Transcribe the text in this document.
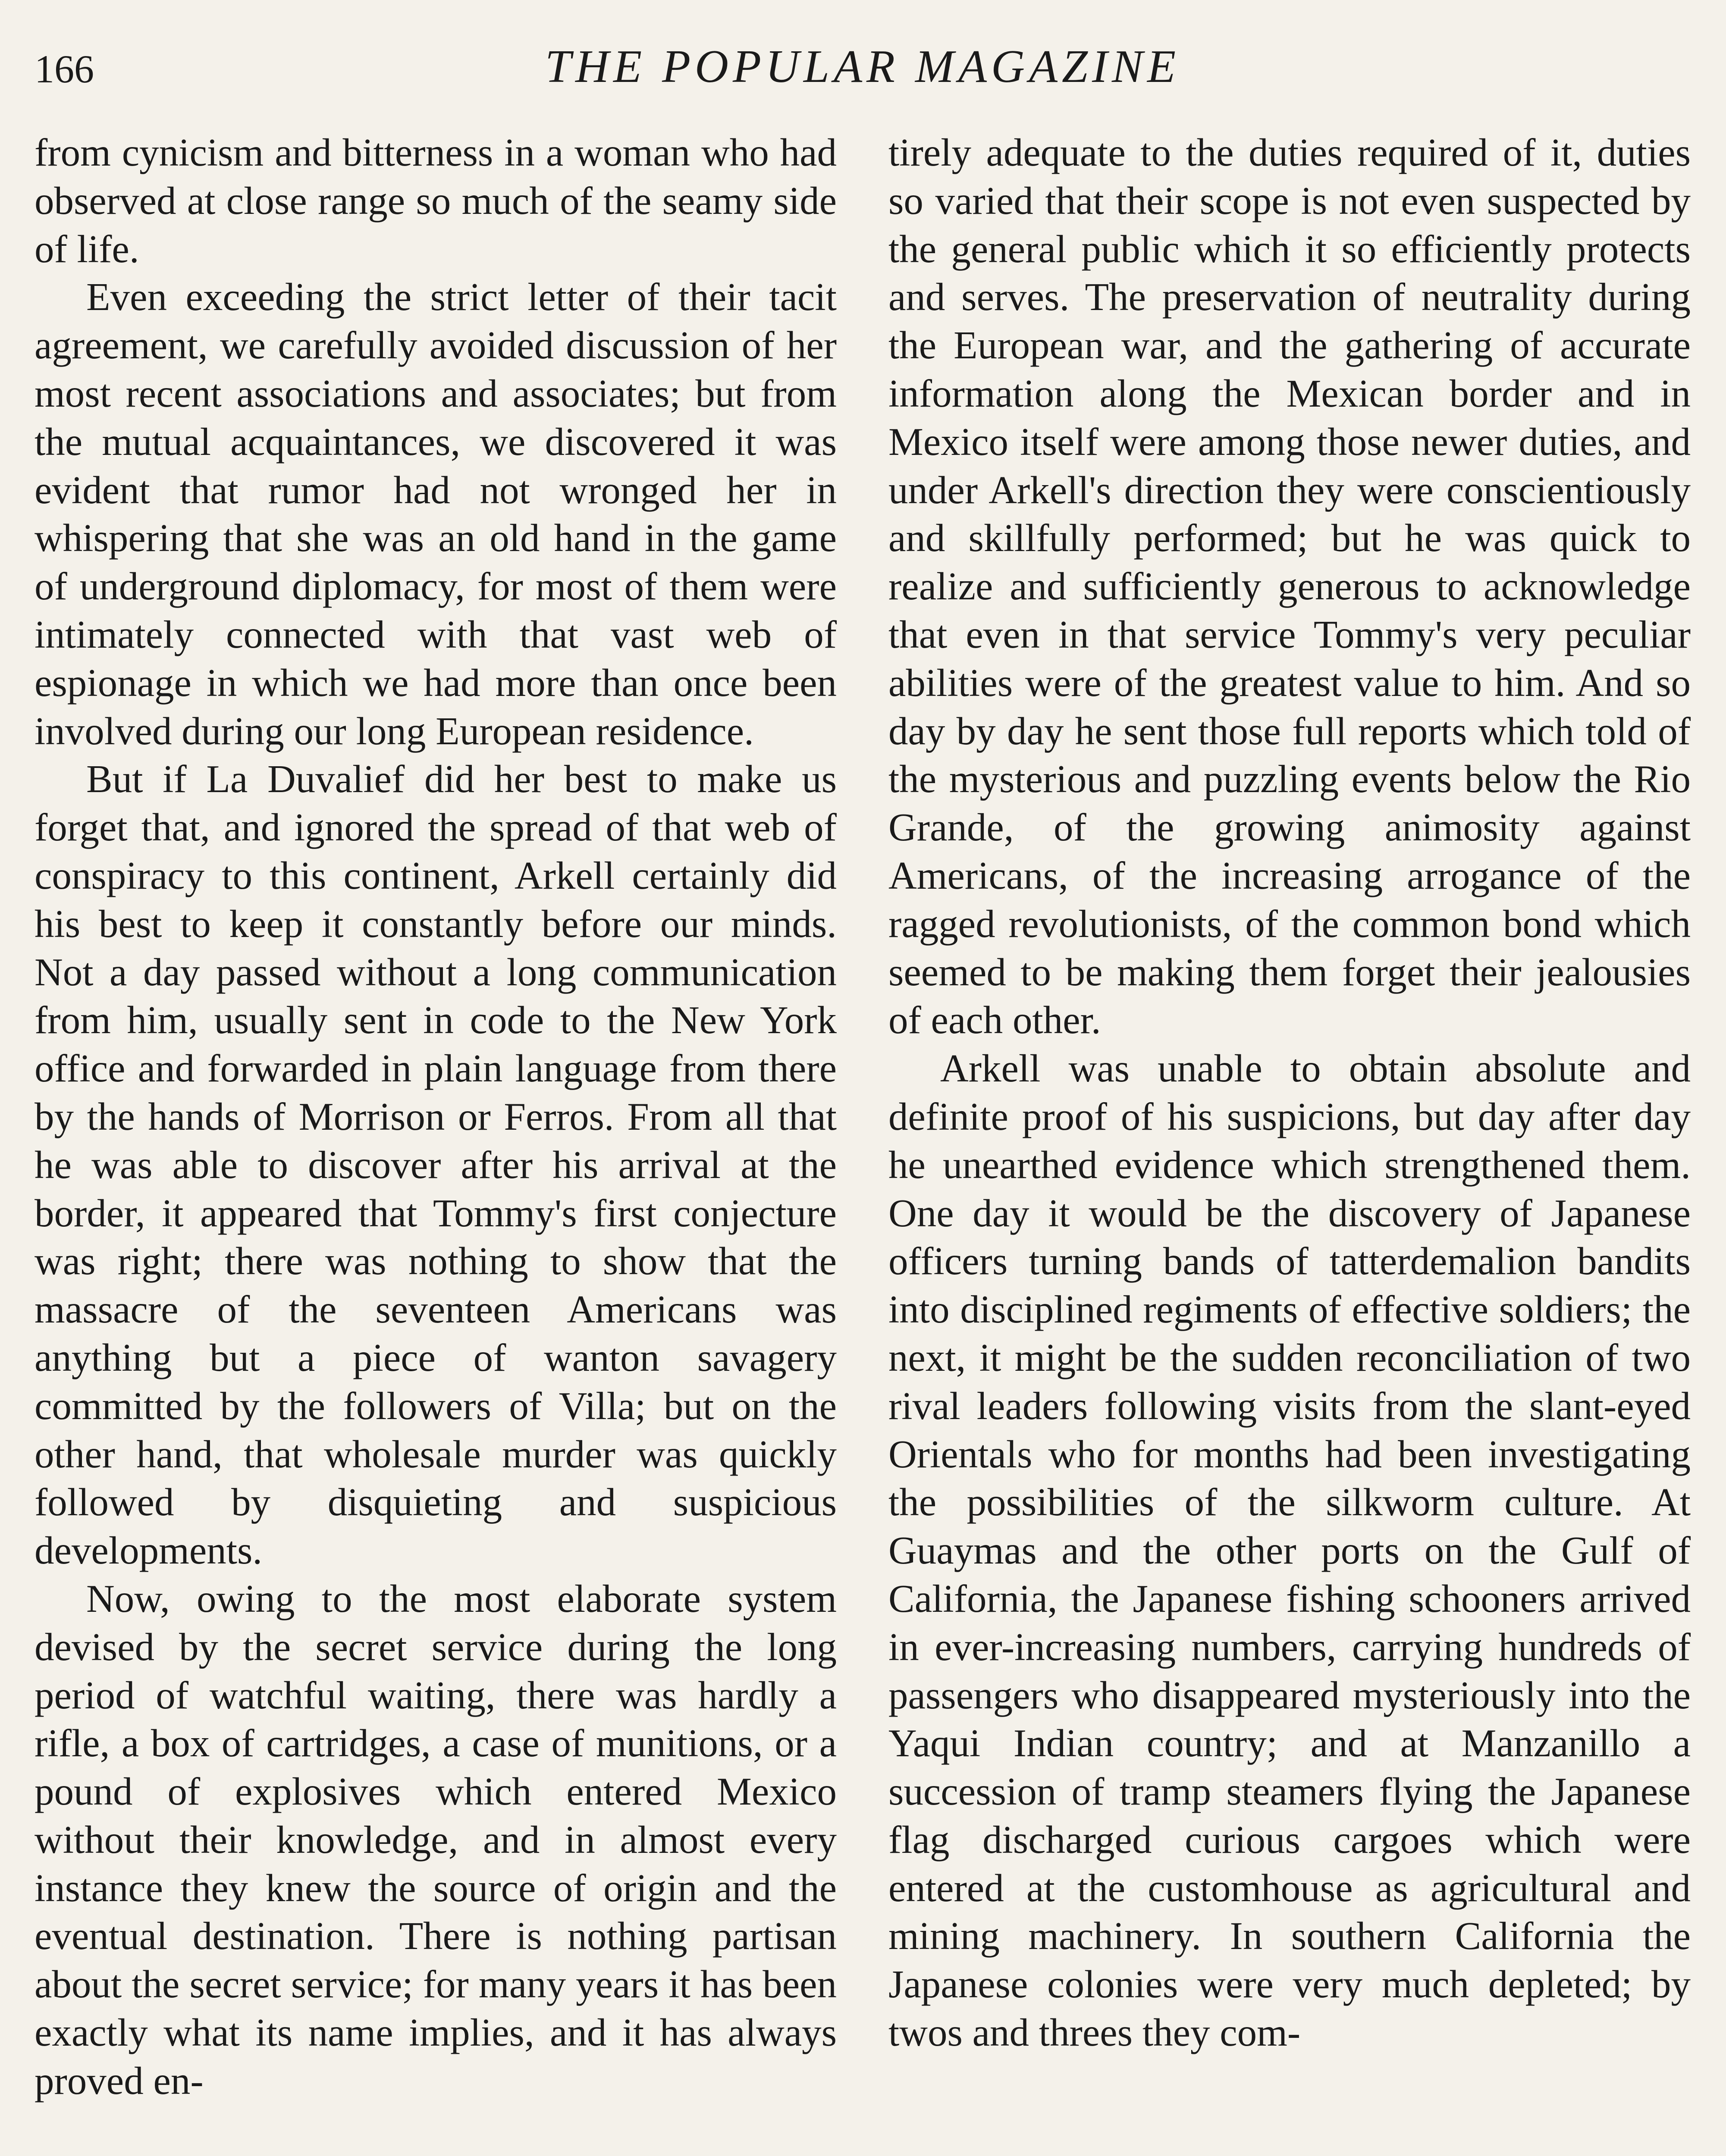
166	THE POPULAR MAGAZINE

from cynicism and bitterness in a woman who had observed at close range so much of the seamy side of life.

Even exceeding the strict letter of their tacit agreement, we carefully avoided discussion of her most recent associations and associates; but from the mutual acquaintances, we discovered it was evident that rumor had not wronged her in whispering that she was an old hand in the game of underground diplomacy, for most of them were intimately connected with that vast web of espionage in which we had more than once been involved during our long European residence.

But if La Duvalief did her best to make us forget that, and ignored the spread of that web of conspiracy to this continent, Arkell certainly did his best to keep it constantly before our minds. Not a day passed without a long communication from him, usually sent in code to the New York office and forwarded in plain language from there by the hands of Morrison or Ferros. From all that he was able to discover after his arrival at the border, it appeared that Tommy's first conjecture was right; there was nothing to show that the massacre of the seventeen Americans was anything but a piece of wanton savagery committed by the followers of Villa; but on the other hand, that wholesale murder was quickly followed by disquieting and suspicious developments.

Now, owing to the most elaborate system devised by the secret service during the long period of watchful waiting, there was hardly a rifle, a box of cartridges, a case of munitions, or a pound of explosives which entered Mexico without their knowledge, and in almost every instance they knew the source of origin and the eventual destination. There is nothing partisan about the secret service; for many years it has been exactly what its name implies, and it has always proved en-

tirely adequate to the duties required of it, duties so varied that their scope is not even suspected by the general public which it so efficiently protects and serves. The preservation of neutrality during the European war, and the gathering of accurate information along the Mexican border and in Mexico itself were among those newer duties, and under Arkell's direction they were conscientiously and skillfully performed; but he was quick to realize and sufficiently generous to acknowledge that even in that service Tommy's very peculiar abilities were of the greatest value to him. And so day by day he sent those full reports which told of the mysterious and puzzling events below the Rio Grande, of the growing animosity against Americans, of the increasing arrogance of the ragged revolutionists, of the common bond which seemed to be making them forget their jealousies of each other.

Arkell was unable to obtain absolute and definite proof of his suspicions, but day after day he unearthed evidence which strengthened them. One day it would be the discovery of Japanese officers turning bands of tatterdemalion bandits into disciplined regiments of effective soldiers; the next, it might be the sudden reconciliation of two rival leaders following visits from the slant-eyed Orientals who for months had been investigating the possibilities of the silkworm culture. At Guaymas and the other ports on the Gulf of California, the Japanese fishing schooners arrived in ever-increasing numbers, carrying hundreds of passengers who disappeared mysteriously into the Yaqui Indian country; and at Manzanillo a succession of tramp steamers flying the Japanese flag discharged curious cargoes which were entered at the customhouse as agricultural and mining machinery. In southern California the Japanese colonies were very much depleted; by twos and threes they com-
